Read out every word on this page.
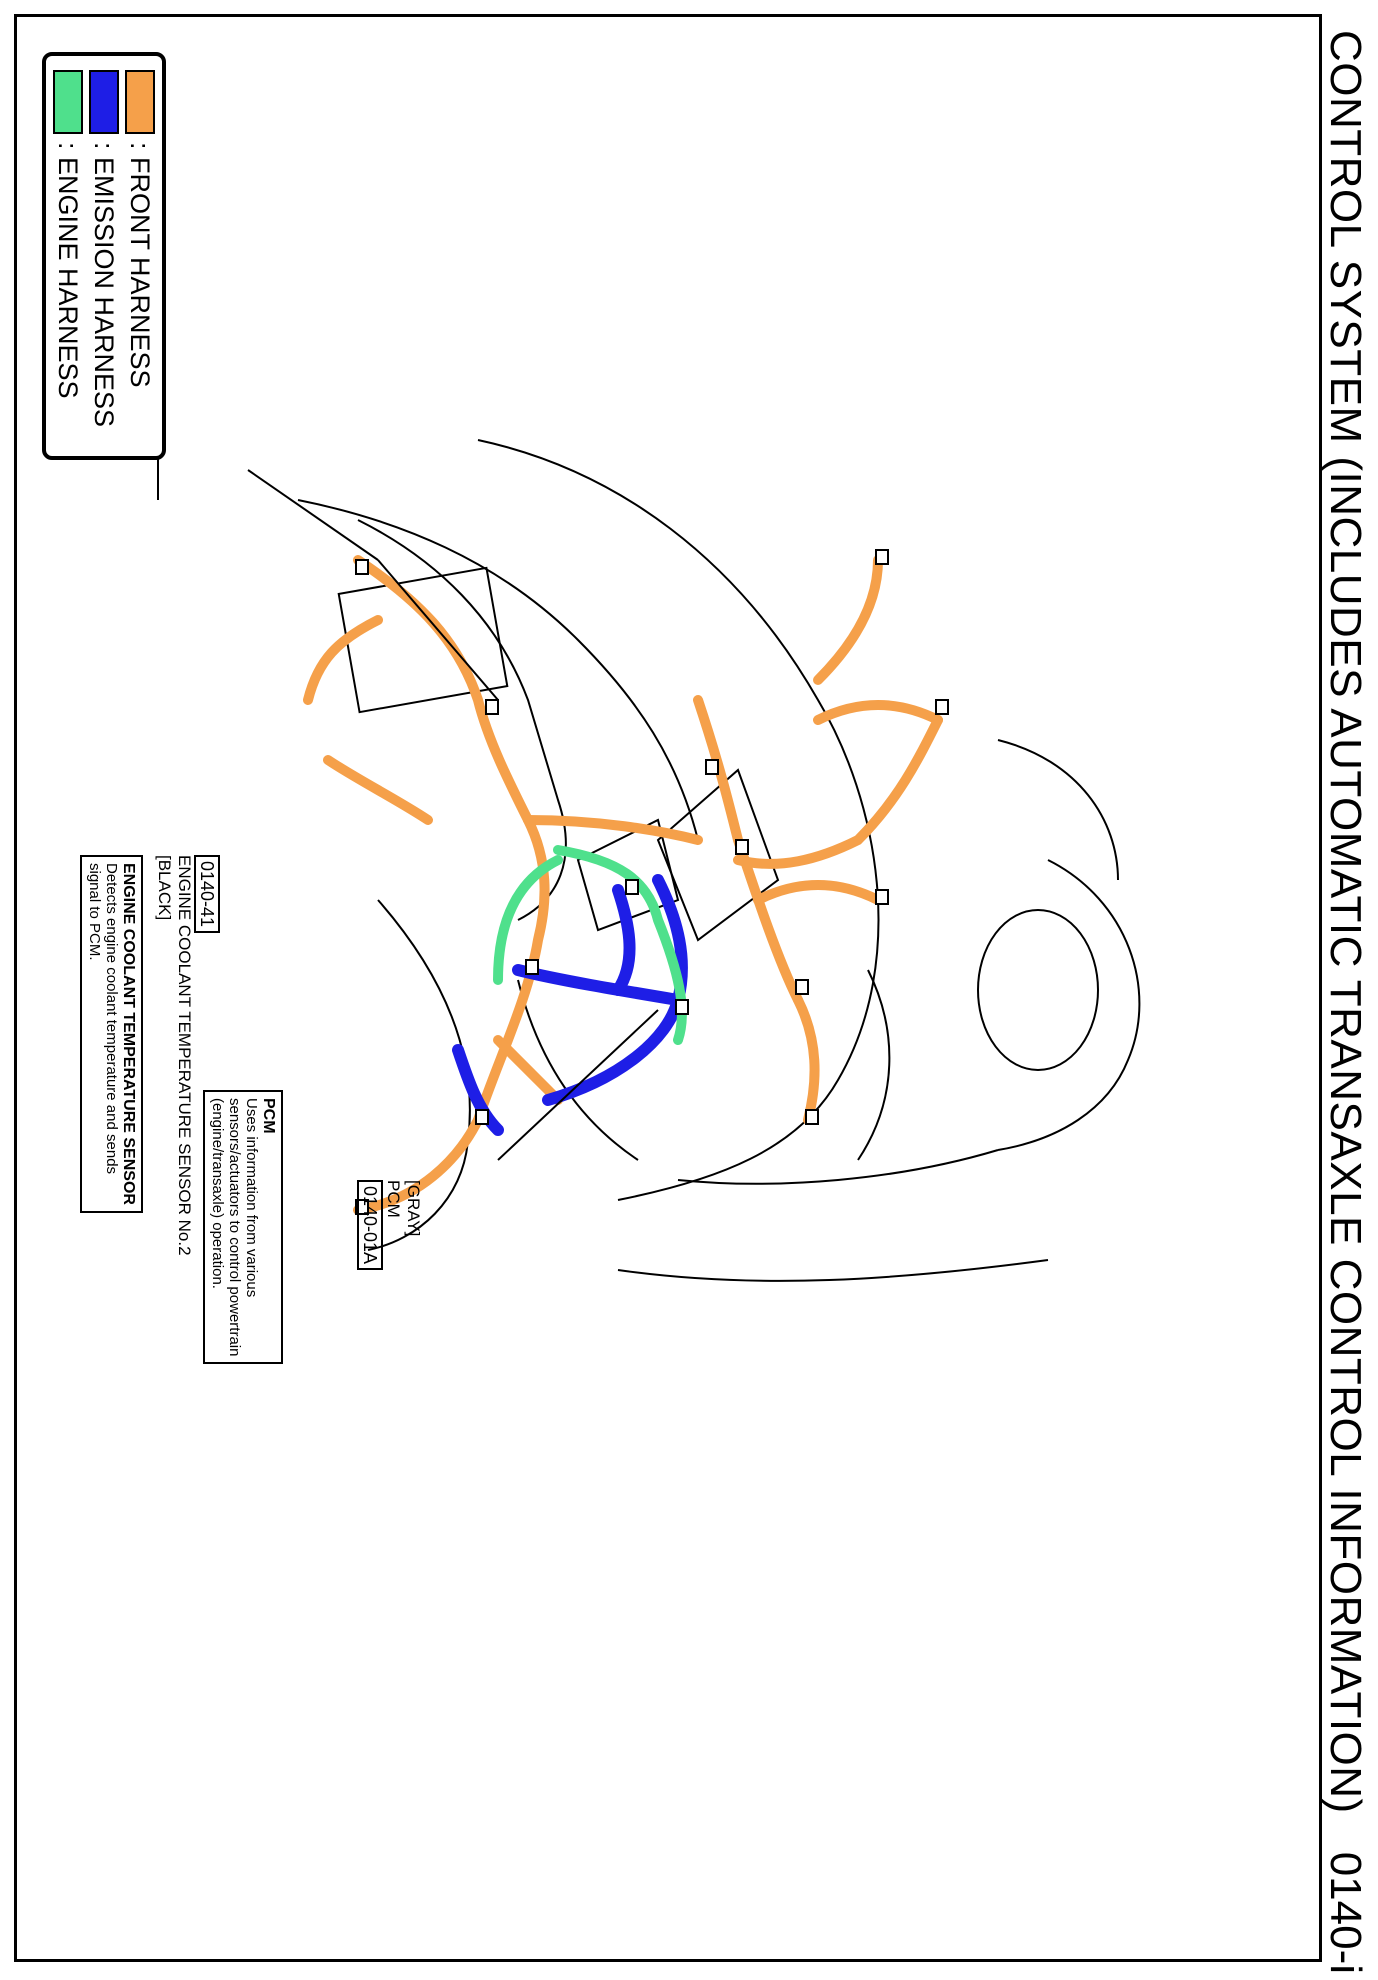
CONTROL SYSTEM (INCLUDES AUTOMATIC TRANSAXLE CONTROL INFORMATION)
0140-i
[GRAY]
PCM
0140-01A
PCM
Uses information from various
sensors/actuators to control powertrain
(engine/transaxle) operation.
0140-41
ENGINE COOLANT TEMPERATURE SENSOR No.2
[BLACK]
ENGINE COOLANT TEMPERATURE SENSOR
Detects engine coolant temperature and sends
signal to PCM.
: FRONT HARNESS
: EMISSION HARNESS
: ENGINE HARNESS
